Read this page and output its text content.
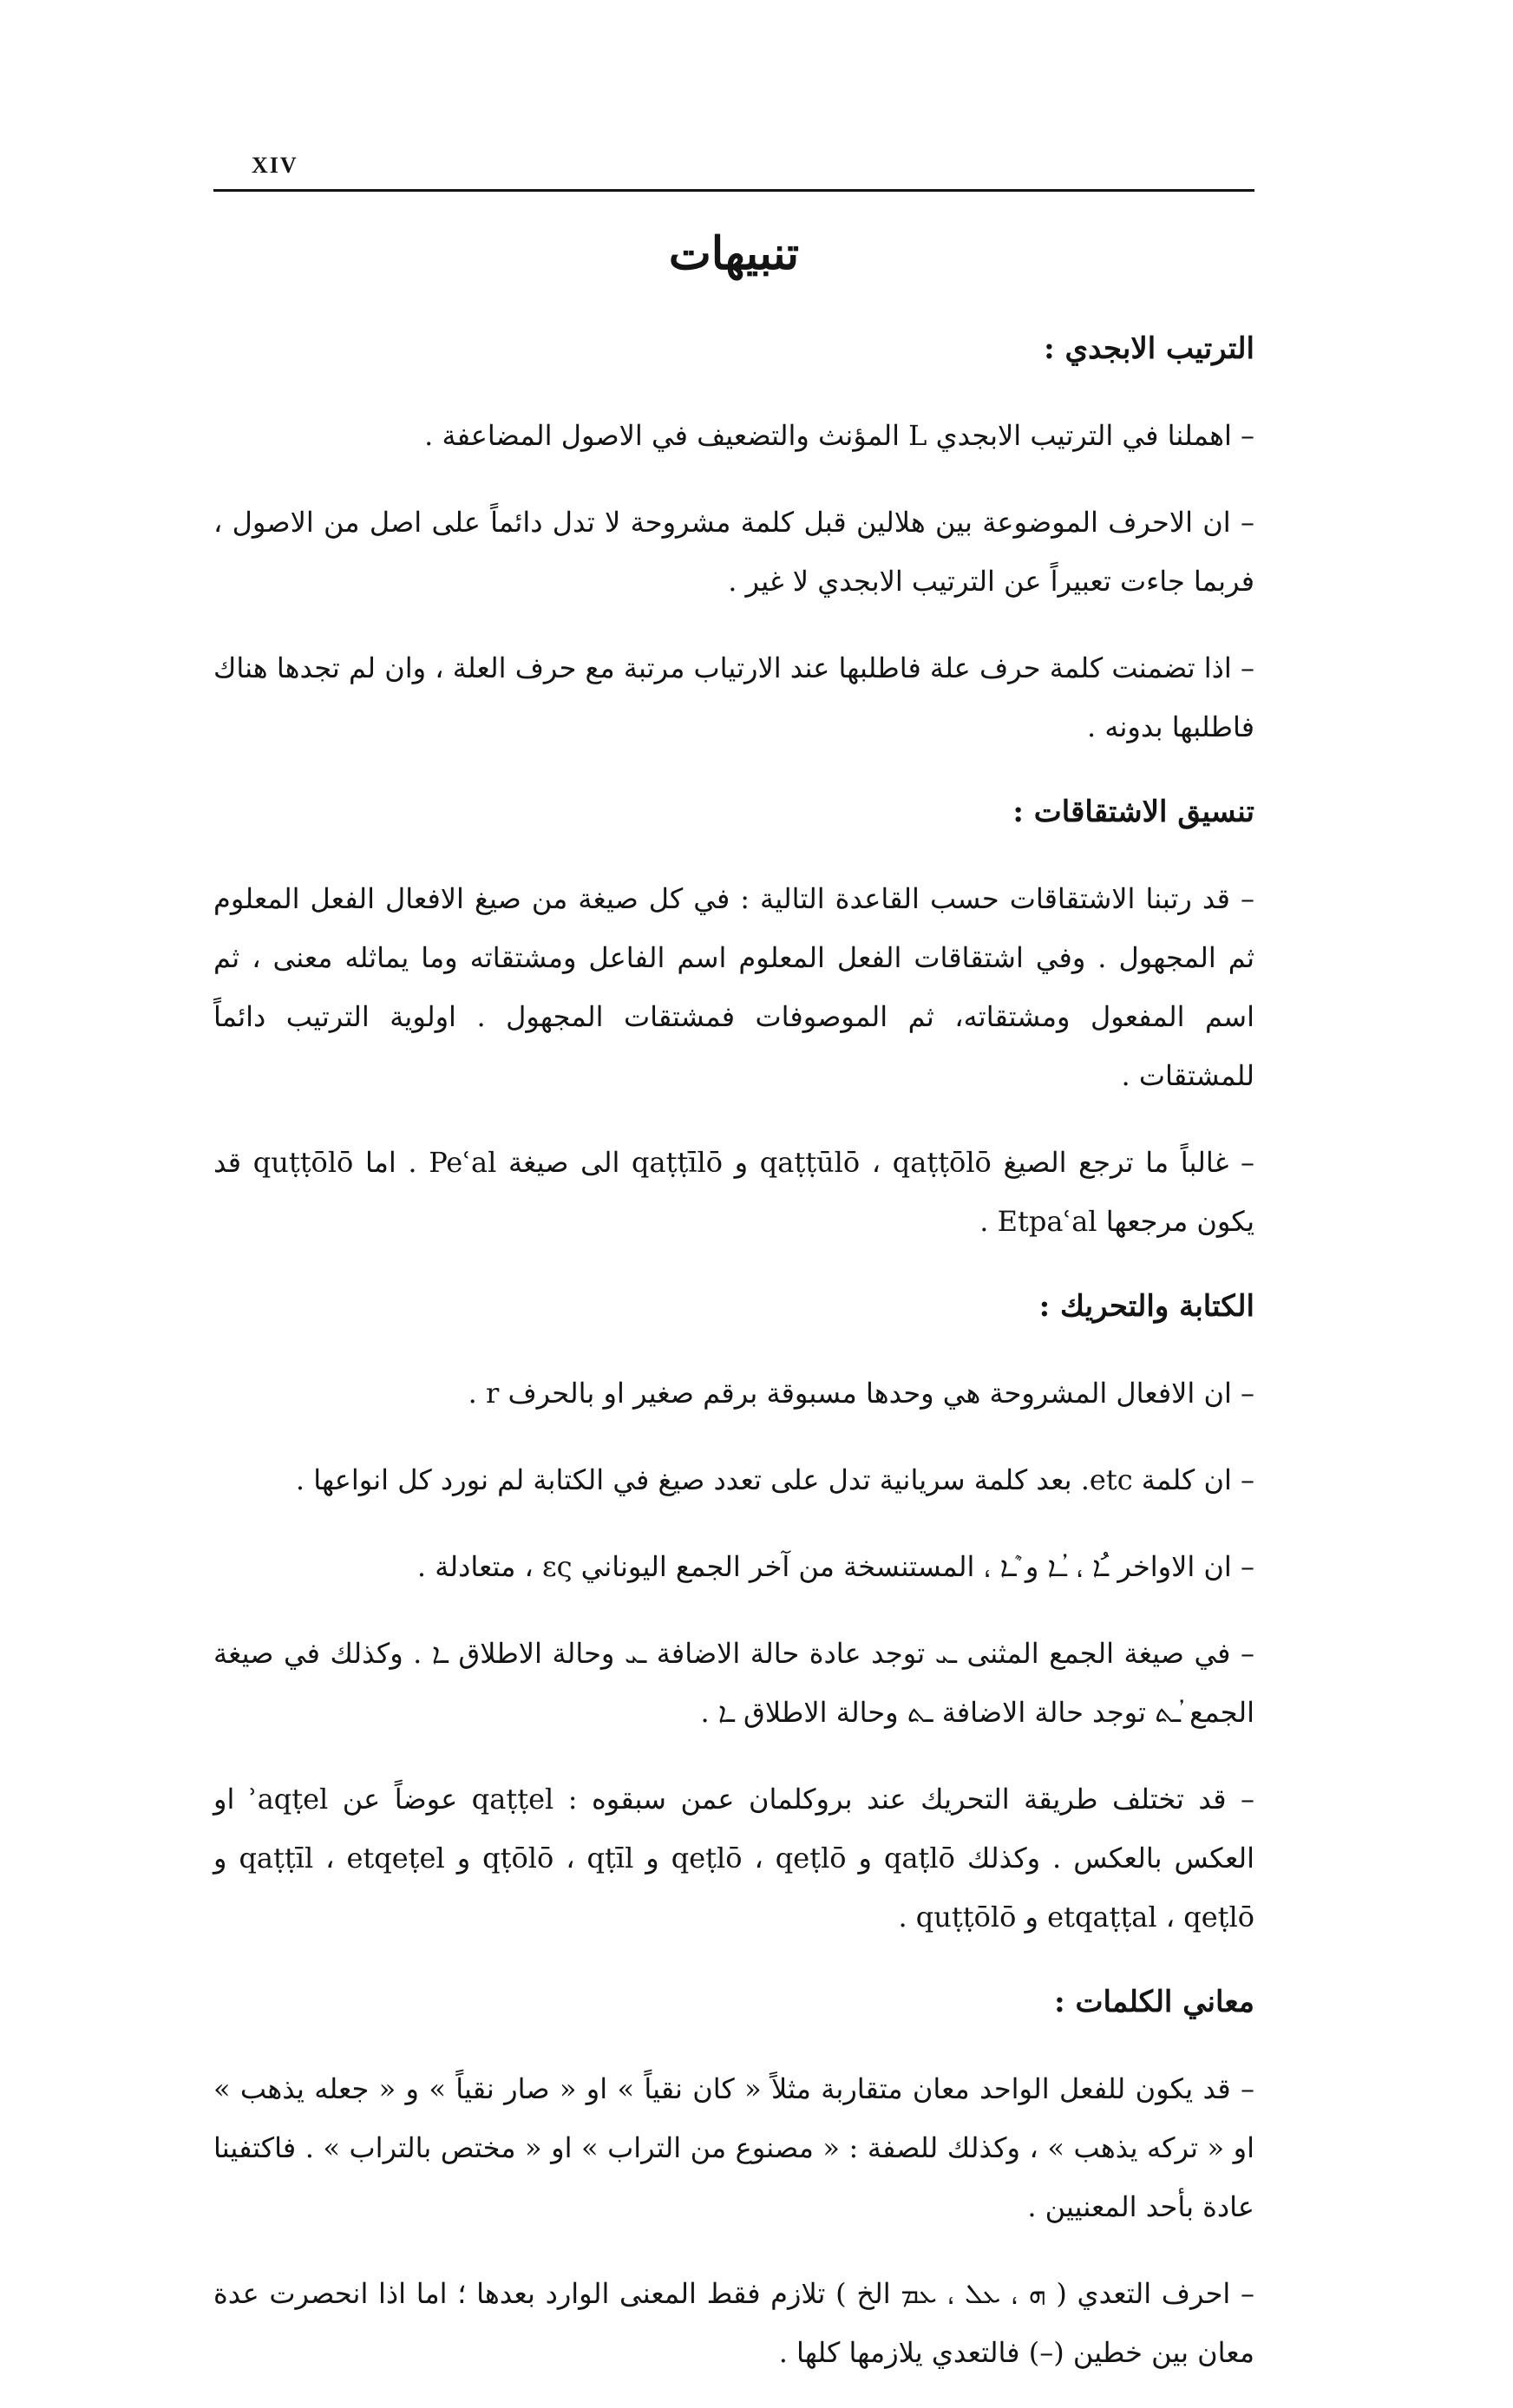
XIV
تنبيهات
الترتيب الابجدي :

– اهملنا في الترتيب الابجدي L المؤنث والتضعيف في الاصول المضاعفة .

– ان الاحرف الموضوعة بين هلالين قبل كلمة مشروحة لا تدل دائماً على اصل من الاصول ، فربما جاءت تعبيراً عن الترتيب الابجدي لا غير .

– اذا تضمنت كلمة حرف علة فاطلبها عند الارتياب مرتبة مع حرف العلة ، وان لم تجدها هناك فاطلبها بدونه .

تنسيق الاشتقاقات :

– قد رتبنا الاشتقاقات حسب القاعدة التالية : في كل صيغة من صيغ الافعال الفعل المعلوم ثم المجهول . وفي اشتقاقات الفعل المعلوم اسم الفاعل ومشتقاته وما يماثله معنى ، ثم اسم المفعول ومشتقاته، ثم الموصوفات فمشتقات المجهول . اولوية الترتيب دائماً للمشتقات .

– غالباً ما ترجع الصيغ qaṭṭūlō ، qaṭṭōlō و qaṭṭīlō الى صيغة Peʿal . اما quṭṭōlō قد يكون مرجعها Etpaʿal .

الكتابة والتحريك :

– ان الافعال المشروحة هي وحدها مسبوقة برقم صغير او بالحرف r .

– ان كلمة etc. بعد كلمة سريانية تدل على تعدد صيغ في الكتابة لم نورد كل انواعها .

– ان الاواخر ـُܐ ، ـܳܐ و ـܶܐ ، المستنسخة من آخر الجمع اليوناني ες ، متعادلة .

– في صيغة الجمع المثنى ـܝ توجد عادة حالة الاضافة ـܝ وحالة الاطلاق ـܐ . وكذلك في صيغة الجمع ـܳܬ توجد حالة الاضافة ـܬ وحالة الاطلاق ـܐ .

– قد تختلف طريقة التحريك عند بروكلمان عمن سبقوه : qaṭṭel عوضاً عن ʾaqṭel او العكس بالعكس . وكذلك qaṭlō و qeṭlō ، qeṭlō و qṭōlō ، qṭīl و qaṭṭīl ، etqeṭel و etqaṭṭal ، qeṭlō و quṭṭōlō .

معاني الكلمات :

– قد يكون للفعل الواحد معان متقاربة مثلاً « كان نقياً » او « صار نقياً » و « جعله يذهب » او « تركه يذهب » ، وكذلك للصفة : « مصنوع من التراب » او « مختص بالتراب » . فاكتفينا عادة بأحد المعنيين .

– احرف التعدي ( ܗ ، ܥܠ ، ܥܡ الخ ) تلازم فقط المعنى الوارد بعدها ؛ اما اذا انحصرت عدة معان بين خطين (–) فالتعدي يلازمها كلها .
